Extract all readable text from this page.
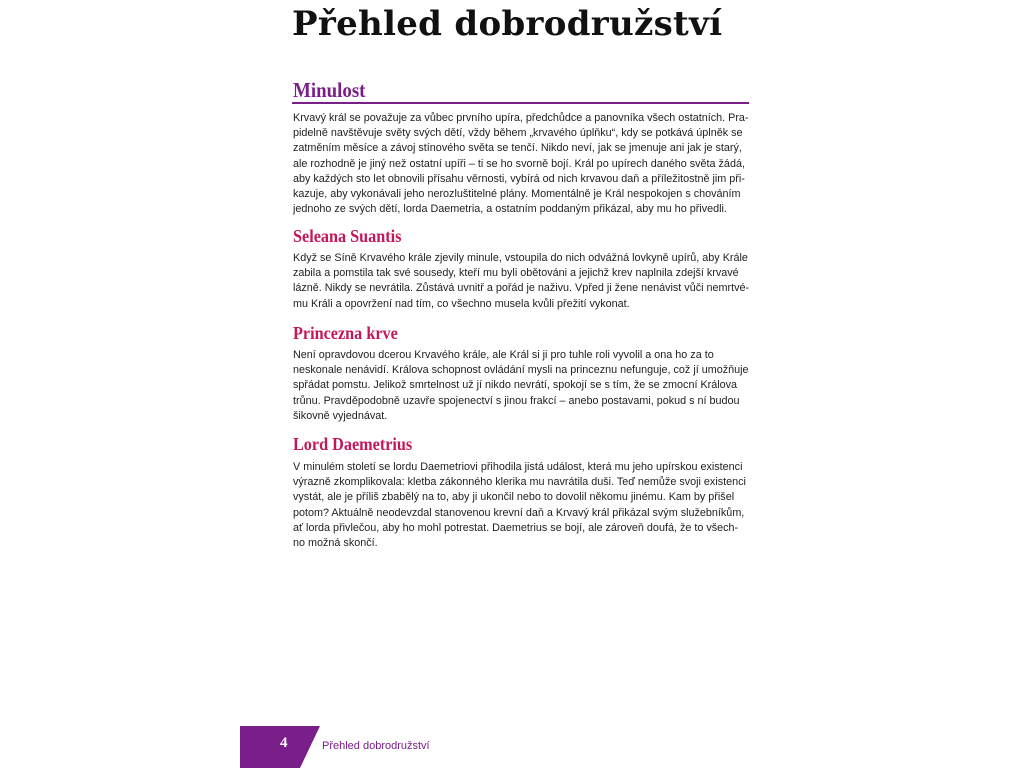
Přehled dobrodružství
Minulost
Krvavý král se považuje za vůbec prvního upíra, předchůdce a panovníka všech ostatních. Pra-
pidelně navštěvuje světy svých dětí, vždy během „krvavého úplňku“, kdy se potkává úplněk se
zatměním měsíce a závoj stínového světa se tenčí. Nikdo neví, jak se jmenuje ani jak je starý,
ale rozhodně je jiný než ostatní upíři – ti se ho svorně bojí. Král po upírech daného světa žádá,
aby každých sto let obnovili přísahu věrnosti, vybírá od nich krvavou daň a příležitostně jim při-
kazuje, aby vykonávali jeho nerozluštitelné plány. Momentálně je Král nespokojen s chováním
jednoho ze svých dětí, lorda Daemetria, a ostatním poddaným přikázal, aby mu ho přivedli.
Seleana Suantis
Když se Síně Krvavého krále zjevily minule, vstoupila do nich odvážná lovkyně upírů, aby Krále
zabila a pomstila tak své sousedy, kteří mu byli obětováni a jejichž krev naplnila zdejší krvavé
lázně. Nikdy se nevrátila. Zůstává uvnitř a pořád je naživu. Vpřed ji žene nenávist vůči nemrtvé-
mu Králi a opovržení nad tím, co všechno musela kvůli přežití vykonat.
Princezna krve
Není opravdovou dcerou Krvavého krále, ale Král si ji pro tuhle roli vyvolil a ona ho za to
neskonale nenávidí. Králova schopnost ovládání mysli na princeznu nefunguje, což jí umožňuje
spřádat pomstu. Jelikož smrtelnost už jí nikdo nevrátí, spokojí se s tím, že se zmocní Králova
trůnu. Pravděpodobně uzavře spojenectví s jinou frakcí – anebo postavami, pokud s ní budou
šikovně vyjednávat.
Lord Daemetrius
V minulém století se lordu Daemetriovi přihodila jistá událost, která mu jeho upírskou existenci
výrazně zkomplikovala: kletba zákonného klerika mu navrátila duši. Teď nemůže svoji existenci
vystát, ale je příliš zbabělý na to, aby ji ukončil nebo to dovolil někomu jinému. Kam by přišel
potom? Aktuálně neodevzdal stanovenou krevní daň a Krvavý král přikázal svým služebníkům,
ať lorda přivlečou, aby ho mohl potrestat. Daemetrius se bojí, ale zároveň doufá, že to všech-
no možná skončí.
4	Přehled dobrodružství
